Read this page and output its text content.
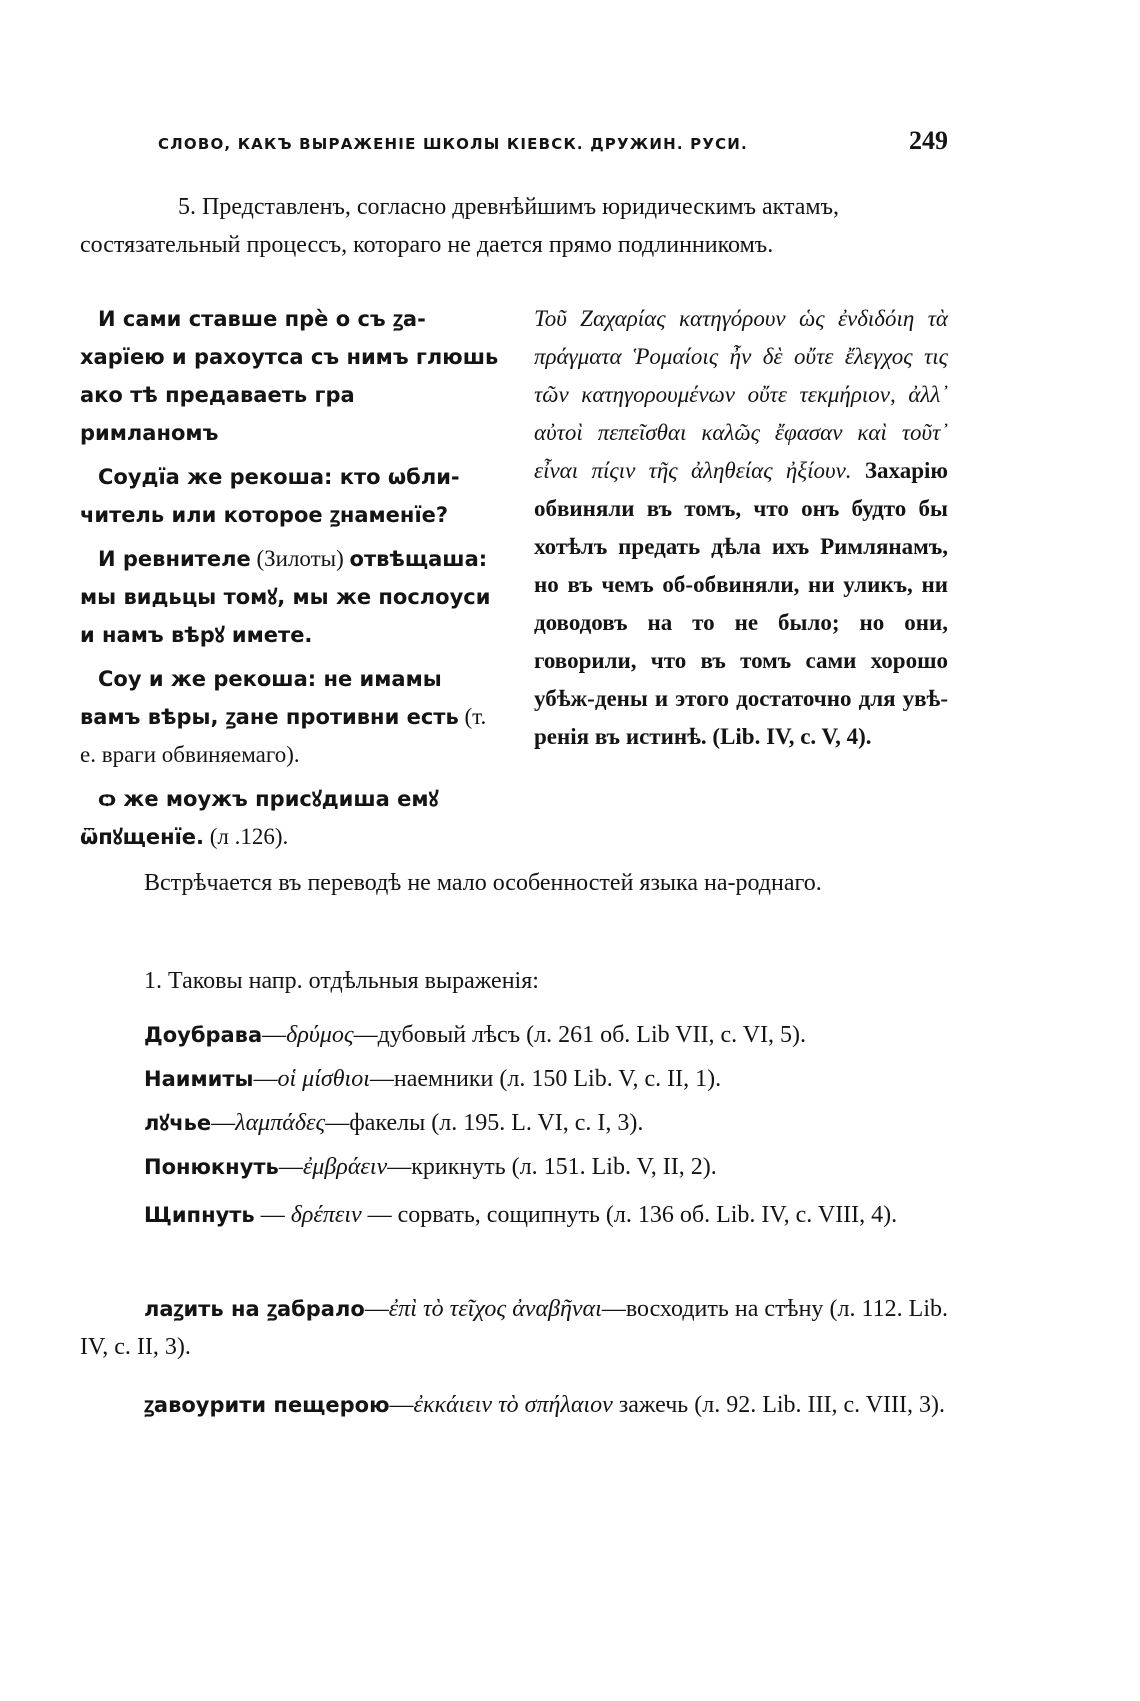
СЛОВО, КАКЪ ВЫРАЖЕНІЕ ШКОЛЫ КІЕВСК. ДРУЖИН. РУСИ.	249

5. Представленъ, согласно древнѣйшимъ юридическимъ актамъ,

состязательный процессъ, котораго не дается прямо подлинникомъ.

И сами ставше прѐ о съ ꙁа-харїею и рахоутса съ нимъ глюшь ако тѣ предаваеть гра римланомъ

Соудїа же рекоша: кто ѡбли-читель или которое ꙁнаменїе?

И ревнителе (Зилоты) отвѣщаша: мы видьцы томꙋ, мы же послоуси и намъ вѣрꙋ имете.

Соу и же рекоша: не имамы вамъ вѣры, ꙁане противни есть (т. е. враги обвиняемаго).

ѻ же моужъ присꙋдиша емꙋ ѿпꙋщенїе. (л .126).

Τοῦ Ζαχαρίας κατηγόρουν ὡς ἐνδιδόιη τὰ πράγματα Ῥομαίοις ἦν δὲ οὔτε ἔλεγχος τις τῶν κατηγορουμένων οὔτε τεκμήριον, ἀλλ᾽ αὐτοὶ πεπεῖσθαι καλῶς ἔφασαν καὶ τοῦτ᾽ εἶναι πίςιν τῆς ἀληθείας ἠξίουν. Захарію обвиняли въ томъ, что онъ будто бы хотѣлъ предать дѣла ихъ Римлянамъ, но въ чемъ об-обвиняли, ни уликъ, ни доводовъ на то не было; но они, говорили, что въ томъ сами хорошо убѣж-дены и этого достаточно для увѣ-ренія въ истинѣ. (Lib. IV, c. V, 4).

Встрѣчается въ переводѣ не мало особенностей языка на-роднаго.

1. Таковы напр. отдѣльныя выраженія:

Доубрава—δρύμος—дубовый лѣсъ (л. 261 об. Lib VII, c. VI, 5).
Наимиты—οἱ μίσθιοι—наемники (л. 150 Lib. V, c. II, 1).
лꙋчье—λαμπάδες—факелы (л. 195. L. VI, c. I, 3).
Понюкнуть—ἐμβράειν—крикнуть (л. 151. Lib. V, II, 2).

Щипнуть — δρέπειν — сорвать, сощипнуть (л. 136 об. Lib. IV, c. VIII, 4).

лаꙁить на ꙁабрало—ἐπὶ τὸ τεῖχος ἀναβῆναι—восходить на стѣну (л. 112. Lib. IV, c. II, 3).

ꙁавоурити пещерою—ἐκκάιειν τὸ σπήλαιον зажечь (л. 92. Lib. III, c. VIII, 3).
